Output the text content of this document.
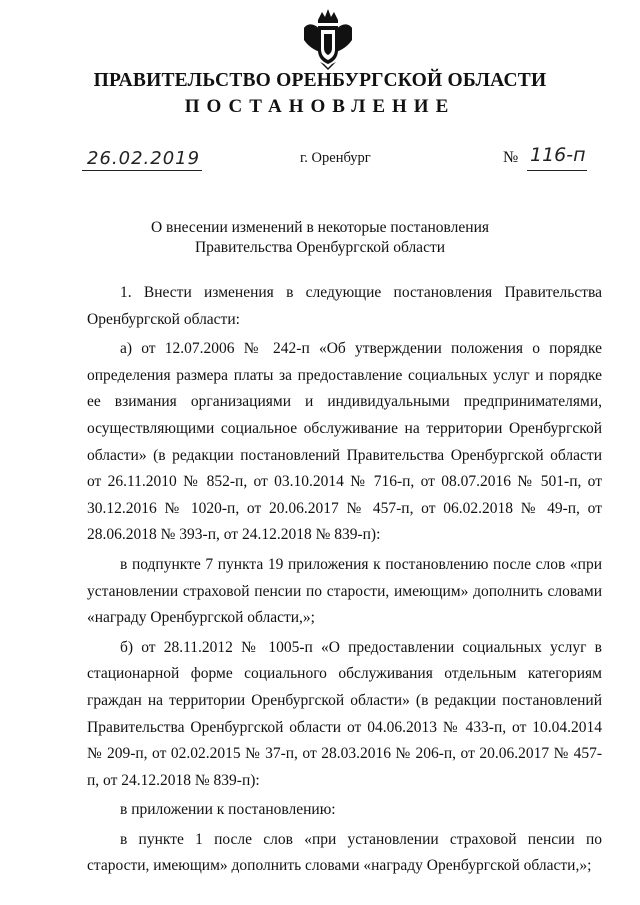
ПРАВИТЕЛЬСТВО ОРЕНБУРГСКОЙ ОБЛАСТИ
ПОСТАНОВЛЕНИЕ
26.02.2019	г. Оренбург	№ 116-п
О внесении изменений в некоторые постановления
Правительства Оренбургской области

1. Внести изменения в следующие постановления Правительства Оренбургской области:

а) от 12.07.2006 № 242-п «Об утверждении положения о порядке определения размера платы за предоставление социальных услуг и порядке ее взимания организациями и индивидуальными предпринимателями, осуществляющими социальное обслуживание на территории Оренбургской области» (в редакции постановлений Правительства Оренбургской области от 26.11.2010 № 852-п, от 03.10.2014 № 716-п, от 08.07.2016 № 501-п, от 30.12.2016 № 1020-п, от 20.06.2017 № 457-п, от 06.02.2018 № 49-п, от 28.06.2018 № 393-п, от 24.12.2018 № 839-п):

в подпункте 7 пункта 19 приложения к постановлению после слов «при установлении страховой пенсии по старости, имеющим» дополнить словами «награду Оренбургской области,»;

б) от 28.11.2012 № 1005-п «О предоставлении социальных услуг в стационарной форме социального обслуживания отдельным категориям граждан на территории Оренбургской области» (в редакции постановлений Правительства Оренбургской области от 04.06.2013 № 433-п, от 10.04.2014 № 209-п, от 02.02.2015 № 37-п, от 28.03.2016 № 206-п, от 20.06.2017 № 457-п, от 24.12.2018 № 839-п):

в приложении к постановлению:

в пункте 1 после слов «при установлении страховой пенсии по старости, имеющим» дополнить словами «награду Оренбургской области,»;
